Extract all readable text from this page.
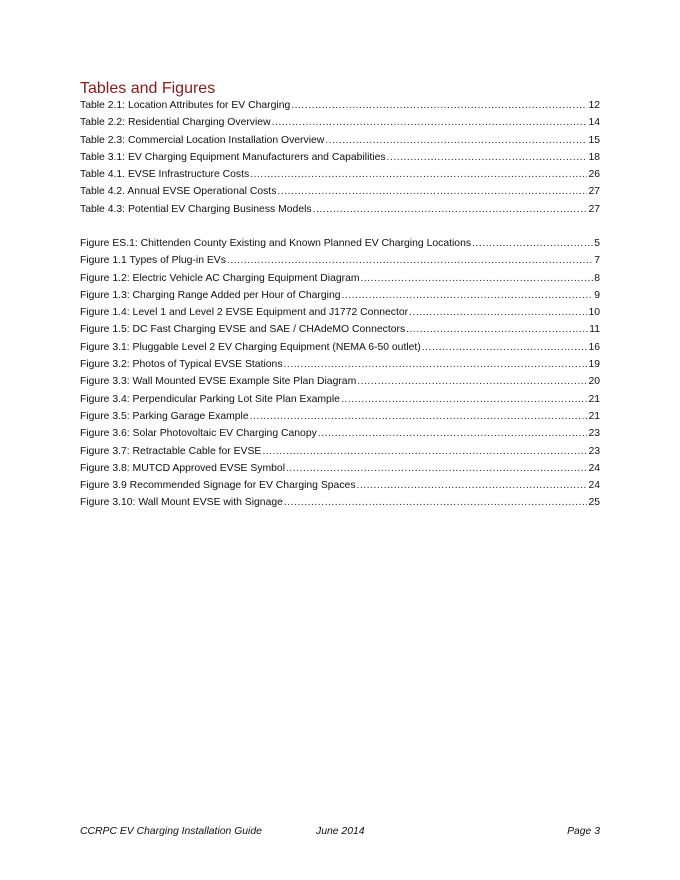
Tables and Figures
Table 2.1: Location Attributes for EV Charging .....	12
Table 2.2: Residential Charging Overview .....	14
Table 2.3: Commercial Location Installation Overview .....	15
Table 3.1: EV Charging Equipment Manufacturers and Capabilities .....	18
Table 4.1. EVSE Infrastructure Costs .....	26
Table 4.2. Annual EVSE Operational Costs .....	27
Table 4.3: Potential EV Charging Business Models .....	27
Figure ES.1: Chittenden County Existing and Known Planned EV Charging Locations .....	5
Figure 1.1 Types of Plug-in EVs .....	7
Figure 1.2: Electric Vehicle AC Charging Equipment Diagram .....	8
Figure 1.3: Charging Range Added per Hour of Charging .....	9
Figure 1.4: Level 1 and Level 2 EVSE Equipment and J1772 Connector .....	10
Figure 1.5: DC Fast Charging EVSE and SAE / CHAdeMO Connectors .....	11
Figure 3.1: Pluggable Level 2 EV Charging Equipment (NEMA 6-50 outlet) .....	16
Figure 3.2: Photos of Typical EVSE Stations .....	19
Figure 3.3: Wall Mounted EVSE Example Site Plan Diagram .....	20
Figure 3.4: Perpendicular Parking Lot Site Plan Example .....	21
Figure 3.5: Parking Garage Example .....	21
Figure 3.6: Solar Photovoltaic EV Charging Canopy .....	23
Figure 3.7: Retractable Cable for EVSE .....	23
Figure 3.8: MUTCD Approved EVSE Symbol .....	24
Figure 3.9 Recommended Signage for EV Charging Spaces .....	24
Figure 3.10: Wall Mount EVSE with Signage .....	25
CCRPC EV Charging Installation Guide	June 2014	Page 3
